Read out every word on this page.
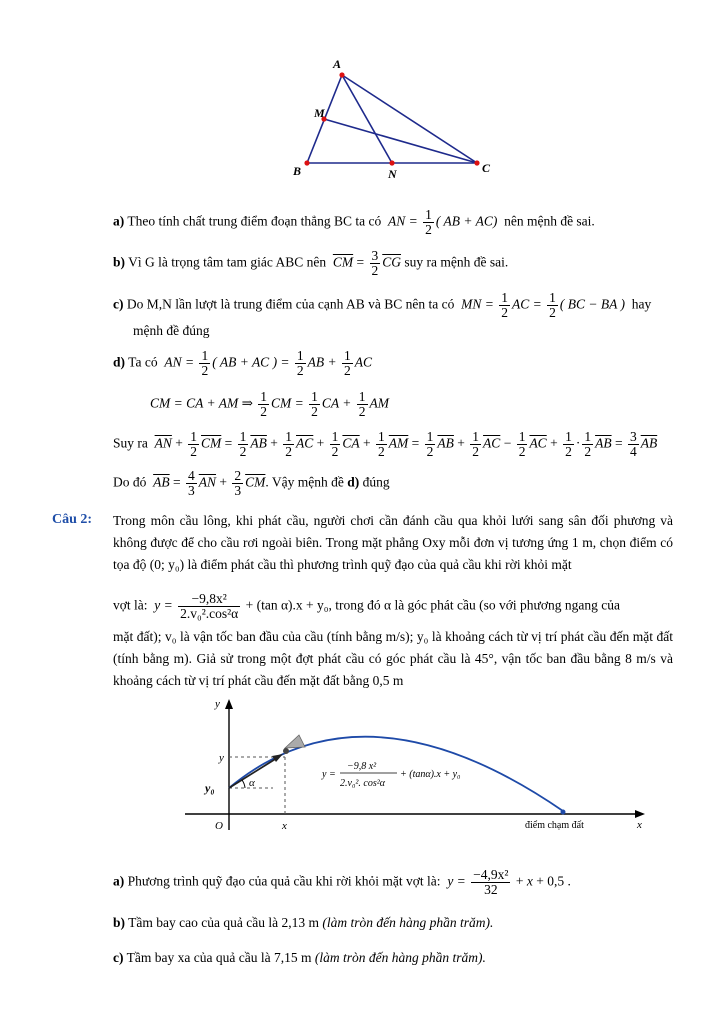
A
M
B	N	C
a) Theo tính chất trung điểm đoạn thẳng BC ta có  AN = $\frac{1}{2}$ ( AB + AC) nên mệnh đề sai.
b) Vì G là trọng tâm tam giác ABC nên $\overline{CM} = \frac{3}{2} \overline{CG}$ suy ra mệnh đề sai.
c) Do M,N lần lượt là trung điểm của cạnh AB và BC nên ta có MN = $\frac{1}{2}$ AC = $\frac{1}{2}$ ( BC − BA ) hay
mệnh đề đúng
d) Ta có AN = $\frac{1}{2}$ ( AB + AC ) = $\frac{1}{2}$ AB + $\frac{1}{2}$ AC
CM = CA + AM ⇒ $\frac{1}{2}$ CM = $\frac{1}{2}$ CA + $\frac{1}{2}$ AM
Suy ra $\overline{AN} + \frac{1}{2} \overline{CM} = \frac{1}{2} \overline{AB} + \frac{1}{2} \overline{AC} + \frac{1}{2} \overline{CA} + \frac{1}{2} \overline{AM} = \frac{1}{2} \overline{AB} + \frac{1}{2} \overline{AC} - \frac{1}{2} \overline{AC} + \frac{1}{2} \cdot \frac{1}{2} \overline{AB} = \frac{3}{4} \overline{AB}$
Do đó $\overline{AB} = \frac{4}{3} \overline{AN} + \frac{2}{3} \overline{CM}$. Vậy mệnh đề d) đúng
Câu 2: Trong môn cầu lông, khi phát cầu, người chơi cần đánh cầu qua khỏi lưới sang sân đối phương và không được để cho cầu rơi ngoài biên. Trong mặt phẳng Oxy mỗi đơn vị tương ứng 1 m, chọn điểm có tọa độ (0; y₀) là điểm phát cầu thì phương trình quỹ đạo của quả cầu khi rời khỏi mặt
vợt là: $y = \frac{\text{−9,8x²}}{\text{2.v₀².cos²α}} + (\tan$ α).x + y₀, trong đó α là góc phát cầu (so với phương ngang của
mặt đất); v₀ là vận tốc ban đầu của cầu (tính bằng m/s); y₀ là khoảng cách từ vị trí phát cầu đến mặt đất (tính bằng m). Giả sử trong một đợt phát cầu có góc phát cầu là 45°, vận tốc ban đầu bằng 8 m/s và khoảng cách từ vị trí phát cầu đến mặt đất bằng 0,5 m
y
x
O
y
x
α
y₀
điểm chạm đất
y =
−9,8 x²
2.v₀². cos²α
+ (tanα).x + y₀
a) Phương trình quỹ đạo của quả cầu khi rời khỏi mặt vợt là: $y = \frac{\text{−4,9x²}}{32} + x + 0,5$ .
b) Tầm bay cao của quả cầu là 2,13 m (làm tròn đến hàng phần trăm).
c) Tầm bay xa của quả cầu là 7,15 m (làm tròn đến hàng phần trăm).
